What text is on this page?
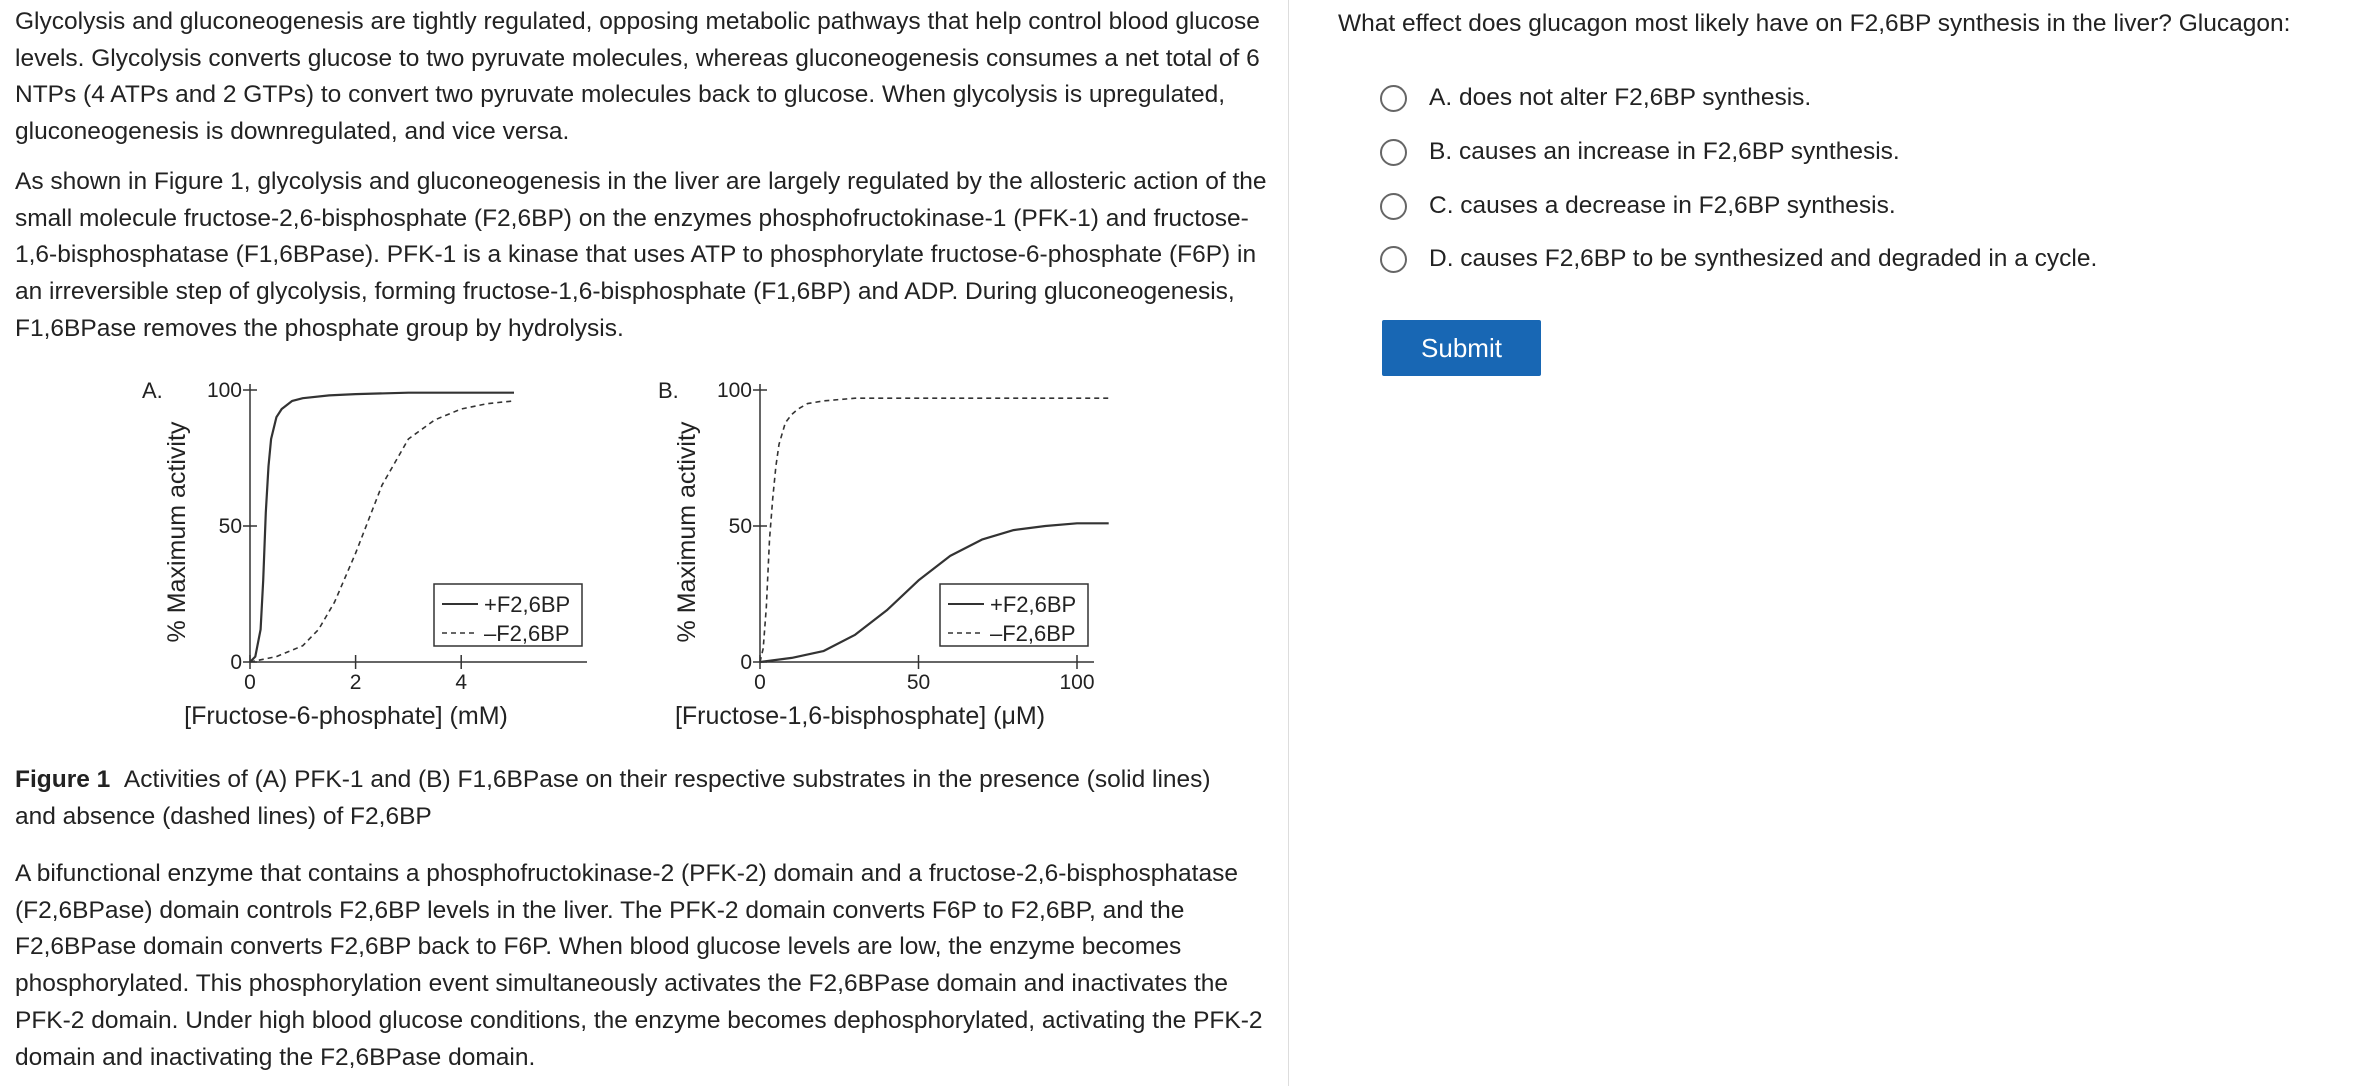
Glycolysis and gluconeogenesis are tightly regulated, opposing metabolic pathways that help control blood glucose levels. Glycolysis converts glucose to two pyruvate molecules, whereas gluconeogenesis consumes a net total of 6 NTPs (4 ATPs and 2 GTPs) to convert two pyruvate molecules back to glucose. When glycolysis is upregulated, gluconeogenesis is downregulated, and vice versa.

As shown in Figure 1, glycolysis and gluconeogenesis in the liver are largely regulated by the allosteric action of the small molecule fructose-2,6-bisphosphate (F2,6BP) on the enzymes phosphofructokinase-1 (PFK-1) and fructose-1,6-bisphosphatase (F1,6BPase). PFK-1 is a kinase that uses ATP to phosphorylate fructose-6-phosphate (F6P) in an irreversible step of glycolysis, forming fructose-1,6-bisphosphate (F1,6BP) and ADP. During gluconeogenesis, F1,6BPase removes the phosphate group by hydrolysis.

A.
0
50
100
0	2	4
[Fructose-6-phosphate] (mM)
% Maximum activity	+F2,6BP
–F2,6BP
B.
0
50
100
0	50	100
[Fructose-1,6-bisphosphate] (μM)
% Maximum activity	+F2,6BP
–F2,6BP

Figure 1 Activities of (A) PFK-1 and (B) F1,6BPase on their respective substrates in the presence (solid lines) and absence (dashed lines) of F2,6BP

A bifunctional enzyme that contains a phosphofructokinase-2 (PFK-2) domain and a fructose-2,6-bisphosphatase (F2,6BPase) domain controls F2,6BP levels in the liver. The PFK-2 domain converts F6P to F2,6BP, and the F2,6BPase domain converts F2,6BP back to F6P. When blood glucose levels are low, the enzyme becomes phosphorylated. This phosphorylation event simultaneously activates the F2,6BPase domain and inactivates the PFK-2 domain. Under high blood glucose conditions, the enzyme becomes dephosphorylated, activating the PFK-2 domain and inactivating the F2,6BPase domain.

What effect does glucagon most likely have on F2,6BP synthesis in the liver? Glucagon:

A. does not alter F2,6BP synthesis.
B. causes an increase in F2,6BP synthesis.
C. causes a decrease in F2,6BP synthesis.
D. causes F2,6BP to be synthesized and degraded in a cycle.
Submit
